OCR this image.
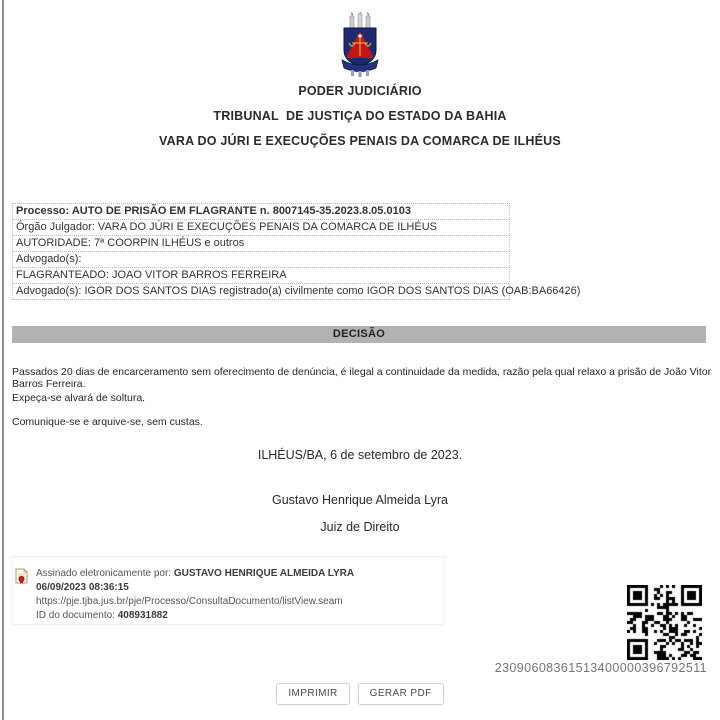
PODER JUDICIÁRIO
TRIBUNAL  DE JUSTIÇA DO ESTADO DA BAHIA
VARA DO JÚRI E EXECUÇÕES PENAIS DA COMARCA DE ILHÉUS
Processo: AUTO DE PRISÃO EM FLAGRANTE n. 8007145-35.2023.8.05.0103
Órgão Julgador: VARA DO JÚRI E EXECUÇÕES PENAIS DA COMARCA DE ILHÉUS
AUTORIDADE: 7ª COORPIN ILHÉUS e outros
Advogado(s):
FLAGRANTEADO: JOAO VITOR BARROS FERREIRA
Advogado(s): IGOR DOS SANTOS DIAS registrado(a) civilmente como IGOR DOS SANTOS DIAS (OAB:BA66426)
DECISÃO
Passados 20 dias de encarceramento sem oferecimento de denúncia, é ilegal a continuidade da medida, razão pela qual relaxo a prisão de João Vitor Barros Ferreira.
Expeça-se alvará de soltura.
Comunique-se e arquive-se, sem custas.
ILHÉUS/BA, 6 de setembro de 2023.
Gustavo Henrique Almeida Lyra
Juiz de Direito
Assinado eletronicamente por: GUSTAVO HENRIQUE ALMEIDA LYRA
06/09/2023 08:36:15
https://pje.tjba.jus.br/pje/Processo/ConsultaDocumento/listView.seam
ID do documento: 408931882
23090608361513400000396792511
IMPRIMIR	GERAR PDF
